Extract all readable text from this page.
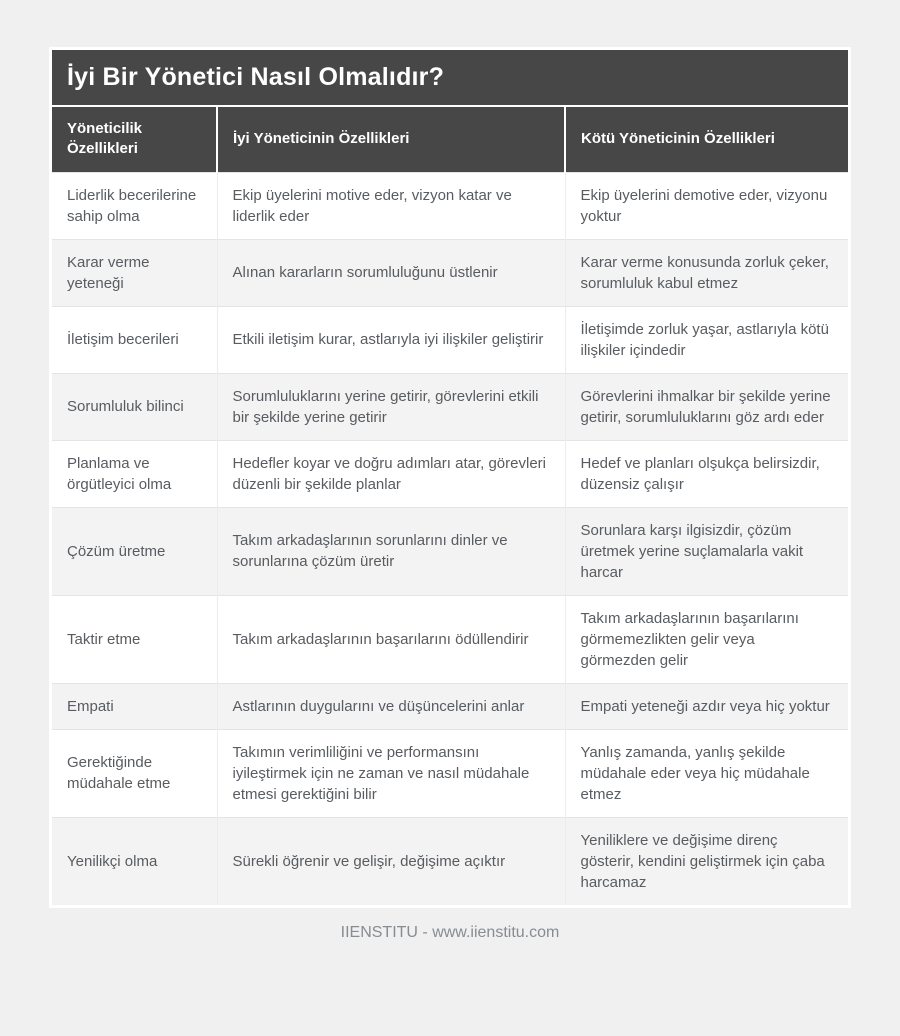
İyi Bir Yönetici Nasıl Olmalıdır?
Yöneticilik Özellikleri	İyi Yöneticinin Özellikleri	Kötü Yöneticinin Özellikleri
Liderlik becerilerine sahip olma	Ekip üyelerini motive eder, vizyon katar ve liderlik eder	Ekip üyelerini demotive eder, vizyonu yoktur
Karar verme yeteneği	Alınan kararların sorumluluğunu üstlenir	Karar verme konusunda zorluk çeker, sorumluluk kabul etmez
İletişim becerileri	Etkili iletişim kurar, astlarıyla iyi ilişkiler geliştirir	İletişimde zorluk yaşar, astlarıyla kötü ilişkiler içindedir
Sorumluluk bilinci	Sorumluluklarını yerine getirir, görevlerini etkili bir şekilde yerine getirir	Görevlerini ihmalkar bir şekilde yerine getirir, sorumluluklarını göz ardı eder
Planlama ve örgütleyici olma	Hedefler koyar ve doğru adımları atar, görevleri düzenli bir şekilde planlar	Hedef ve planları olşukça belirsizdir, düzensiz çalışır
Çözüm üretme	Takım arkadaşlarının sorunlarını dinler ve sorunlarına çözüm üretir	Sorunlara karşı ilgisizdir, çözüm üretmek yerine suçlamalarla vakit harcar
Taktir etme	Takım arkadaşlarının başarılarını ödüllendirir	Takım arkadaşlarının başarılarını görmemezlikten gelir veya görmezden gelir
Empati	Astlarının duygularını ve düşüncelerini anlar	Empati yeteneği azdır veya hiç yoktur
Gerektiğinde müdahale etme	Takımın verimliliğini ve performansını iyileştirmek için ne zaman ve nasıl müdahale etmesi gerektiğini bilir	Yanlış zamanda, yanlış şekilde müdahale eder veya hiç müdahale etmez
Yenilikçi olma	Sürekli öğrenir ve gelişir, değişime açıktır	Yeniliklere ve değişime direnç gösterir, kendini geliştirmek için çaba harcamaz
IIENSTITU - www.iienstitu.com
